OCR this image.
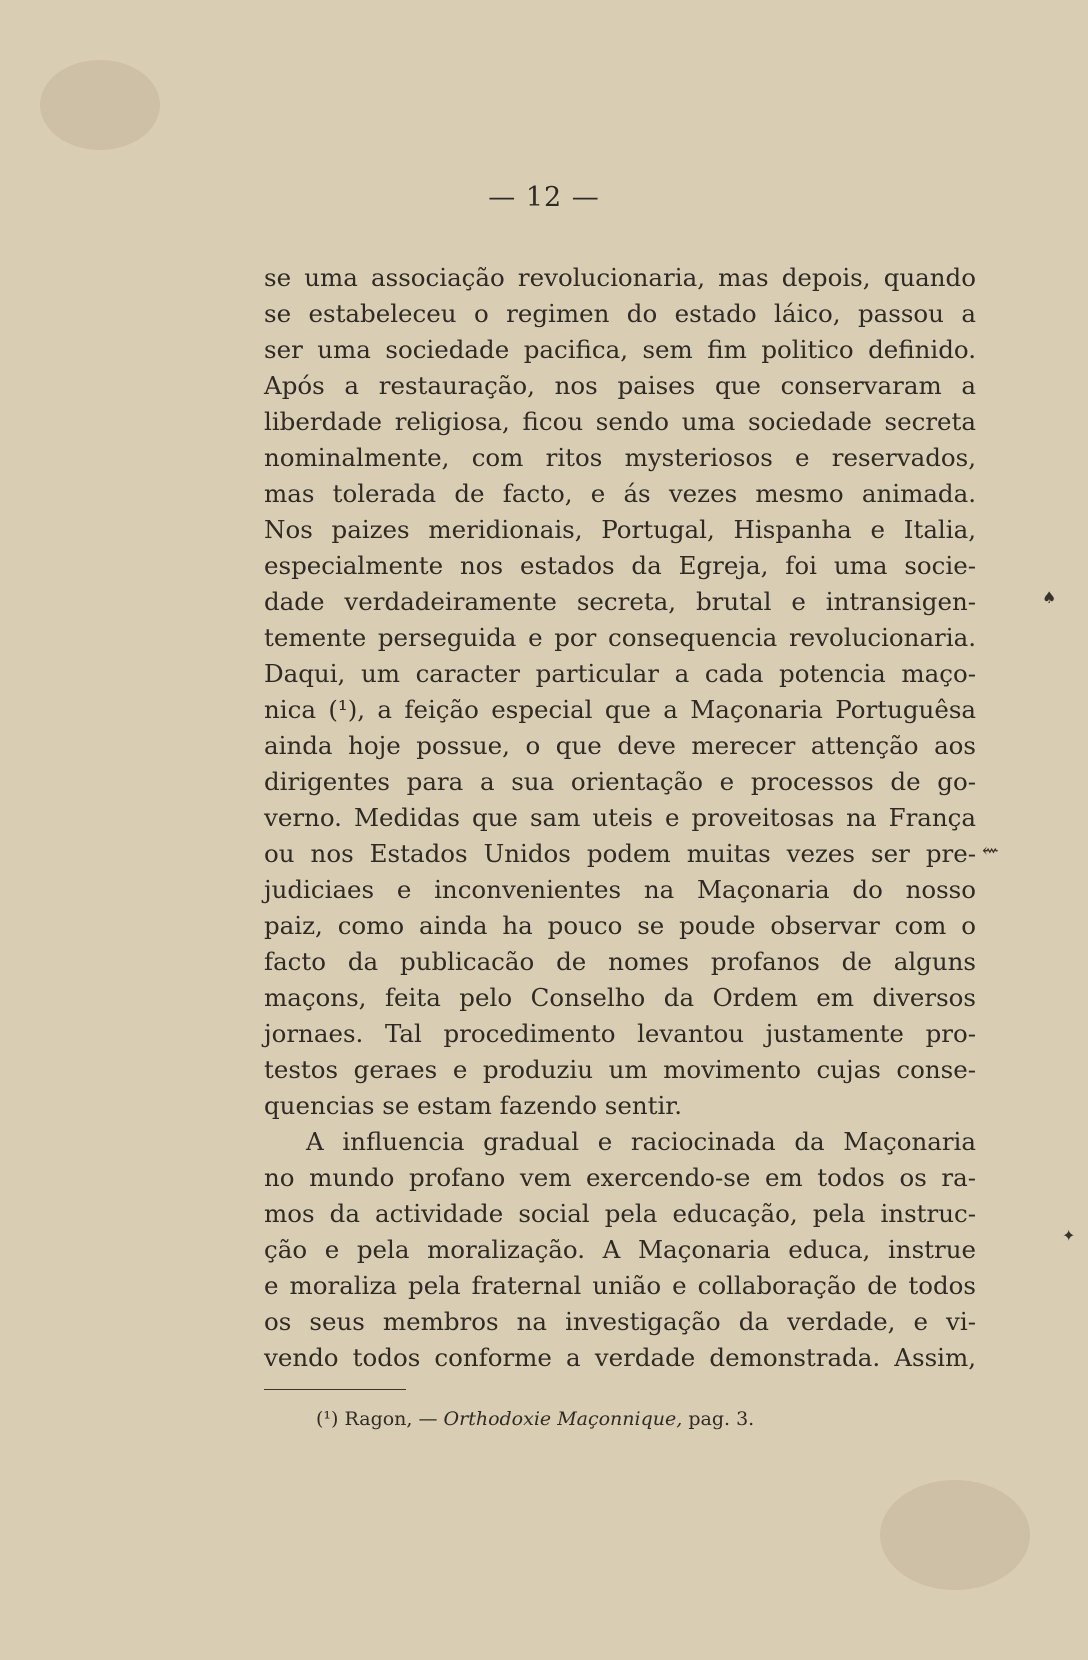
— 12 —
se uma associação revolucionaria, mas depois, quando
se estabeleceu o regimen do estado láico, passou a
ser uma sociedade pacifica, sem fim politico definido.
Após a restauração, nos paises que conservaram a
liberdade religiosa, ficou sendo uma sociedade secreta
nominalmente, com ritos mysteriosos e reservados,
mas tolerada de facto, e ás vezes mesmo animada.
Nos paizes meridionais, Portugal, Hispanha e Italia,
especialmente nos estados da Egreja, foi uma socie-
dade verdadeiramente secreta, brutal e intransigen-
temente perseguida e por consequencia revolucionaria.
Daqui, um caracter particular a cada potencia maço-
nica (¹), a feição especial que a Maçonaria Portuguêsa
ainda hoje possue, o que deve merecer attenção aos
dirigentes para a sua orientação e processos de go-
verno. Medidas que sam uteis e proveitosas na França
ou nos Estados Unidos podem muitas vezes ser pre-
judiciaes e inconvenientes na Maçonaria do nosso
paiz, como ainda ha pouco se poude observar com o
facto da publicacão de nomes profanos de alguns
maçons, feita pelo Conselho da Ordem em diversos
jornaes. Tal procedimento levantou justamente pro-
testos geraes e produziu um movimento cujas conse-
quencias se estam fazendo sentir.
A influencia gradual e raciocinada da Maçonaria
no mundo profano vem exercendo-se em todos os ra-
mos da actividade social pela educação, pela instruc-
ção e pela moralização. A Maçonaria educa, instrue
e moraliza pela fraternal união e collaboração de todos
os seus membros na investigação da verdade, e vi-
vendo todos conforme a verdade demonstrada. Assim,
(¹) Ragon, — Orthodoxie Maçonnique, pag. 3.
⇜
♠
✦
